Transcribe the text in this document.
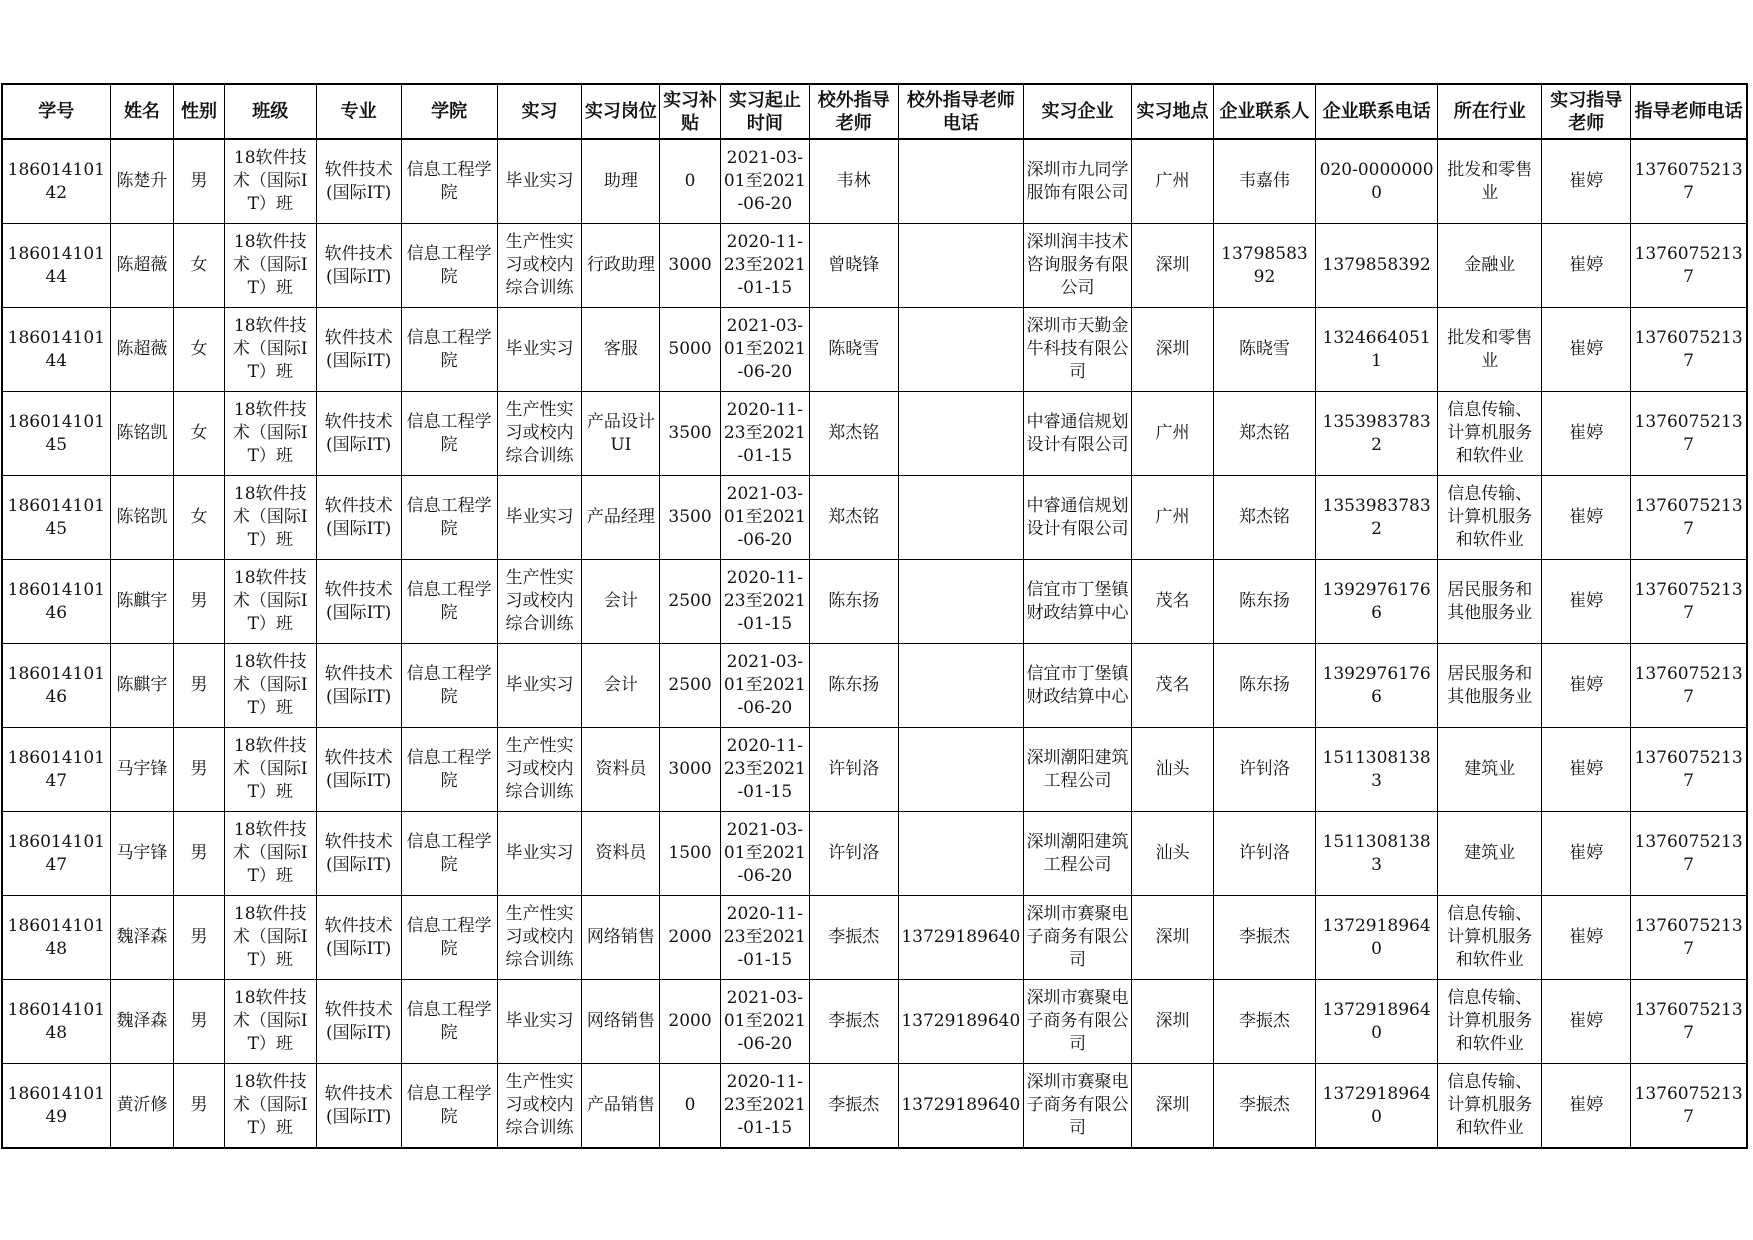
学号	姓名	性别	班级	专业	学院	实习	实习岗位	实习补贴	实习起止时间	校外指导老师	校外指导老师电话	实习企业	实习地点	企业联系人	企业联系电话	所在行业	实习指导老师	指导老师电话

18601410142	陈楚升	男	18软件技术（国际IT）班	软件技术(国际IT)	信息工程学院	毕业实习	助理	0	2021-03-01至2021-06-20	韦林		深圳市九同学服饰有限公司	广州	韦嘉伟	020-00000000	批发和零售业	崔婷	13760752137

18601410144	陈超薇	女	18软件技术（国际IT）班	软件技术(国际IT)	信息工程学院	生产性实习或校内综合训练	行政助理	3000	2020-11-23至2021-01-15	曾晓锋		深圳润丰技术咨询服务有限公司	深圳	1379858392	1379858392	金融业	崔婷	13760752137

18601410144	陈超薇	女	18软件技术（国际IT）班	软件技术(国际IT)	信息工程学院	毕业实习	客服	5000	2021-03-01至2021-06-20	陈晓雪		深圳市天勤金牛科技有限公司	深圳	陈晓雪	13246640511	批发和零售业	崔婷	13760752137

18601410145	陈铭凯	女	18软件技术（国际IT）班	软件技术(国际IT)	信息工程学院	生产性实习或校内综合训练	产品设计UI	3500	2020-11-23至2021-01-15	郑杰铭		中睿通信规划设计有限公司	广州	郑杰铭	13539837832	信息传输、计算机服务和软件业	崔婷	13760752137

18601410145	陈铭凯	女	18软件技术（国际IT）班	软件技术(国际IT)	信息工程学院	毕业实习	产品经理	3500	2021-03-01至2021-06-20	郑杰铭		中睿通信规划设计有限公司	广州	郑杰铭	13539837832	信息传输、计算机服务和软件业	崔婷	13760752137

18601410146	陈麒宇	男	18软件技术（国际IT）班	软件技术(国际IT)	信息工程学院	生产性实习或校内综合训练	会计	2500	2020-11-23至2021-01-15	陈东扬		信宜市丁堡镇财政结算中心	茂名	陈东扬	13929761766	居民服务和其他服务业	崔婷	13760752137

18601410146	陈麒宇	男	18软件技术（国际IT）班	软件技术(国际IT)	信息工程学院	毕业实习	会计	2500	2021-03-01至2021-06-20	陈东扬		信宜市丁堡镇财政结算中心	茂名	陈东扬	13929761766	居民服务和其他服务业	崔婷	13760752137

18601410147	马宇锋	男	18软件技术（国际IT）班	软件技术(国际IT)	信息工程学院	生产性实习或校内综合训练	资料员	3000	2020-11-23至2021-01-15	许钊洛		深圳潮阳建筑工程公司	汕头	许钊洛	15113081383	建筑业	崔婷	13760752137

18601410147	马宇锋	男	18软件技术（国际IT）班	软件技术(国际IT)	信息工程学院	毕业实习	资料员	1500	2021-03-01至2021-06-20	许钊洛		深圳潮阳建筑工程公司	汕头	许钊洛	15113081383	建筑业	崔婷	13760752137

18601410148	魏泽森	男	18软件技术（国际IT）班	软件技术(国际IT)	信息工程学院	生产性实习或校内综合训练	网络销售	2000	2020-11-23至2021-01-15	李振杰	13729189640	深圳市赛聚电子商务有限公司	深圳	李振杰	13729189640	信息传输、计算机服务和软件业	崔婷	13760752137

18601410148	魏泽森	男	18软件技术（国际IT）班	软件技术(国际IT)	信息工程学院	毕业实习	网络销售	2000	2021-03-01至2021-06-20	李振杰	13729189640	深圳市赛聚电子商务有限公司	深圳	李振杰	13729189640	信息传输、计算机服务和软件业	崔婷	13760752137

18601410149	黄沂修	男	18软件技术（国际IT）班	软件技术(国际IT)	信息工程学院	生产性实习或校内综合训练	产品销售	0	2020-11-23至2021-01-15	李振杰	13729189640	深圳市赛聚电子商务有限公司	深圳	李振杰	13729189640	信息传输、计算机服务和软件业	崔婷	13760752137
